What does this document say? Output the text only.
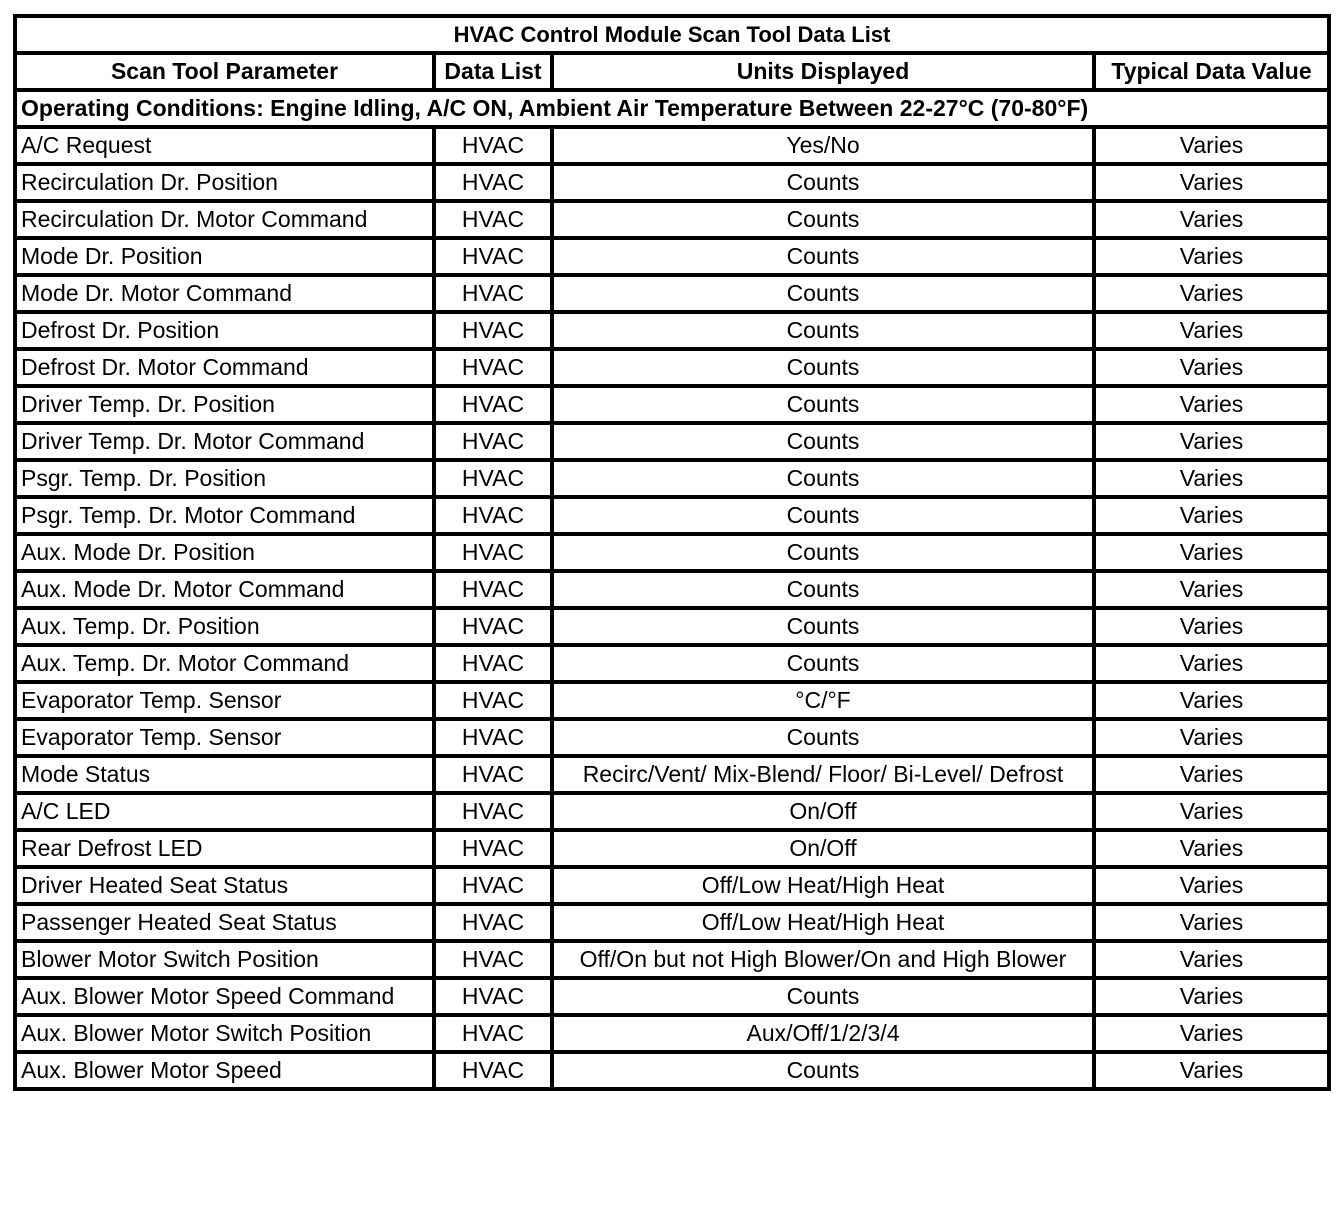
HVAC Control Module Scan Tool Data List			
Scan Tool Parameter	Data List	Units Displayed	Typical Data Value
Operating Conditions: Engine Idling, A/C ON, Ambient Air Temperature Between 22-27°C (70-80°F)			
A/C Request	HVAC	Yes/No	Varies
Recirculation Dr. Position	HVAC	Counts	Varies
Recirculation Dr. Motor Command	HVAC	Counts	Varies
Mode Dr. Position	HVAC	Counts	Varies
Mode Dr. Motor Command	HVAC	Counts	Varies
Defrost Dr. Position	HVAC	Counts	Varies
Defrost Dr. Motor Command	HVAC	Counts	Varies
Driver Temp. Dr. Position	HVAC	Counts	Varies
Driver Temp. Dr. Motor Command	HVAC	Counts	Varies
Psgr. Temp. Dr. Position	HVAC	Counts	Varies
Psgr. Temp. Dr. Motor Command	HVAC	Counts	Varies
Aux. Mode Dr. Position	HVAC	Counts	Varies
Aux. Mode Dr. Motor Command	HVAC	Counts	Varies
Aux. Temp. Dr. Position	HVAC	Counts	Varies
Aux. Temp. Dr. Motor Command	HVAC	Counts	Varies
Evaporator Temp. Sensor	HVAC	°C/°F	Varies
Evaporator Temp. Sensor	HVAC	Counts	Varies
Mode Status	HVAC	Recirc/Vent/ Mix-Blend/ Floor/ Bi-Level/ Defrost	Varies
A/C LED	HVAC	On/Off	Varies
Rear Defrost LED	HVAC	On/Off	Varies
Driver Heated Seat Status	HVAC	Off/Low Heat/High Heat	Varies
Passenger Heated Seat Status	HVAC	Off/Low Heat/High Heat	Varies
Blower Motor Switch Position	HVAC	Off/On but not High Blower/On and High Blower	Varies
Aux. Blower Motor Speed Command	HVAC	Counts	Varies
Aux. Blower Motor Switch Position	HVAC	Aux/Off/1/2/3/4	Varies
Aux. Blower Motor Speed	HVAC	Counts	Varies
